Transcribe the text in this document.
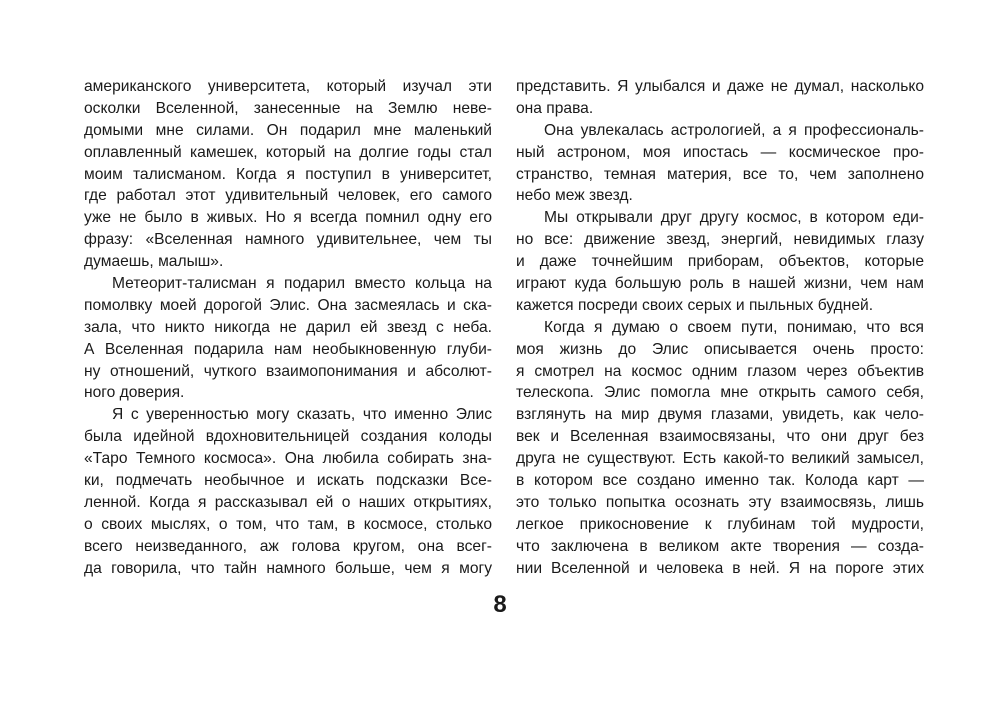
американского университета, который изучал эти
осколки Вселенной, занесенные на Землю неве-
домыми мне силами. Он подарил мне маленький
оплавленный камешек, который на долгие годы стал
моим талисманом. Когда я поступил в университет,
где работал этот удивительный человек, его самого
уже не было в живых. Но я всегда помнил одну его
фразу: «Вселенная намного удивительнее, чем ты
думаешь, малыш».
Метеорит-талисман я подарил вместо кольца на
помолвку моей дорогой Элис. Она засмеялась и ска-
зала, что никто никогда не дарил ей звезд с неба.
А Вселенная подарила нам необыкновенную глуби-
ну отношений, чуткого взаимопонимания и абсолют-
ного доверия.
Я с уверенностью могу сказать, что именно Элис
была идейной вдохновительницей создания колоды
«Таро Темного космоса». Она любила собирать зна-
ки, подмечать необычное и искать подсказки Все-
ленной. Когда я рассказывал ей о наших открытиях,
о своих мыслях, о том, что там, в космосе, столько
всего неизведанного, аж голова кругом, она всег-
да говорила, что тайн намного больше, чем я могу
представить. Я улыбался и даже не думал, насколько
она права.
Она увлекалась астрологией, а я профессиональ-
ный астроном, моя ипостась — космическое про-
странство, темная материя, все то, чем заполнено
небо меж звезд.
Мы открывали друг другу космос, в котором еди-
но все: движение звезд, энергий, невидимых глазу
и даже точнейшим приборам, объектов, которые
играют куда большую роль в нашей жизни, чем нам
кажется посреди своих серых и пыльных будней.
Когда я думаю о своем пути, понимаю, что вся
моя жизнь до Элис описывается очень просто:
я смотрел на космос одним глазом через объектив
телескопа. Элис помогла мне открыть самого себя,
взглянуть на мир двумя глазами, увидеть, как чело-
век и Вселенная взаимосвязаны, что они друг без
друга не существуют. Есть какой-то великий замысел,
в котором все создано именно так. Колода карт —
это только попытка осознать эту взаимосвязь, лишь
легкое прикосновение к глубинам той мудрости,
что заключена в великом акте творения — созда-
нии Вселенной и человека в ней. Я на пороге этих
8
